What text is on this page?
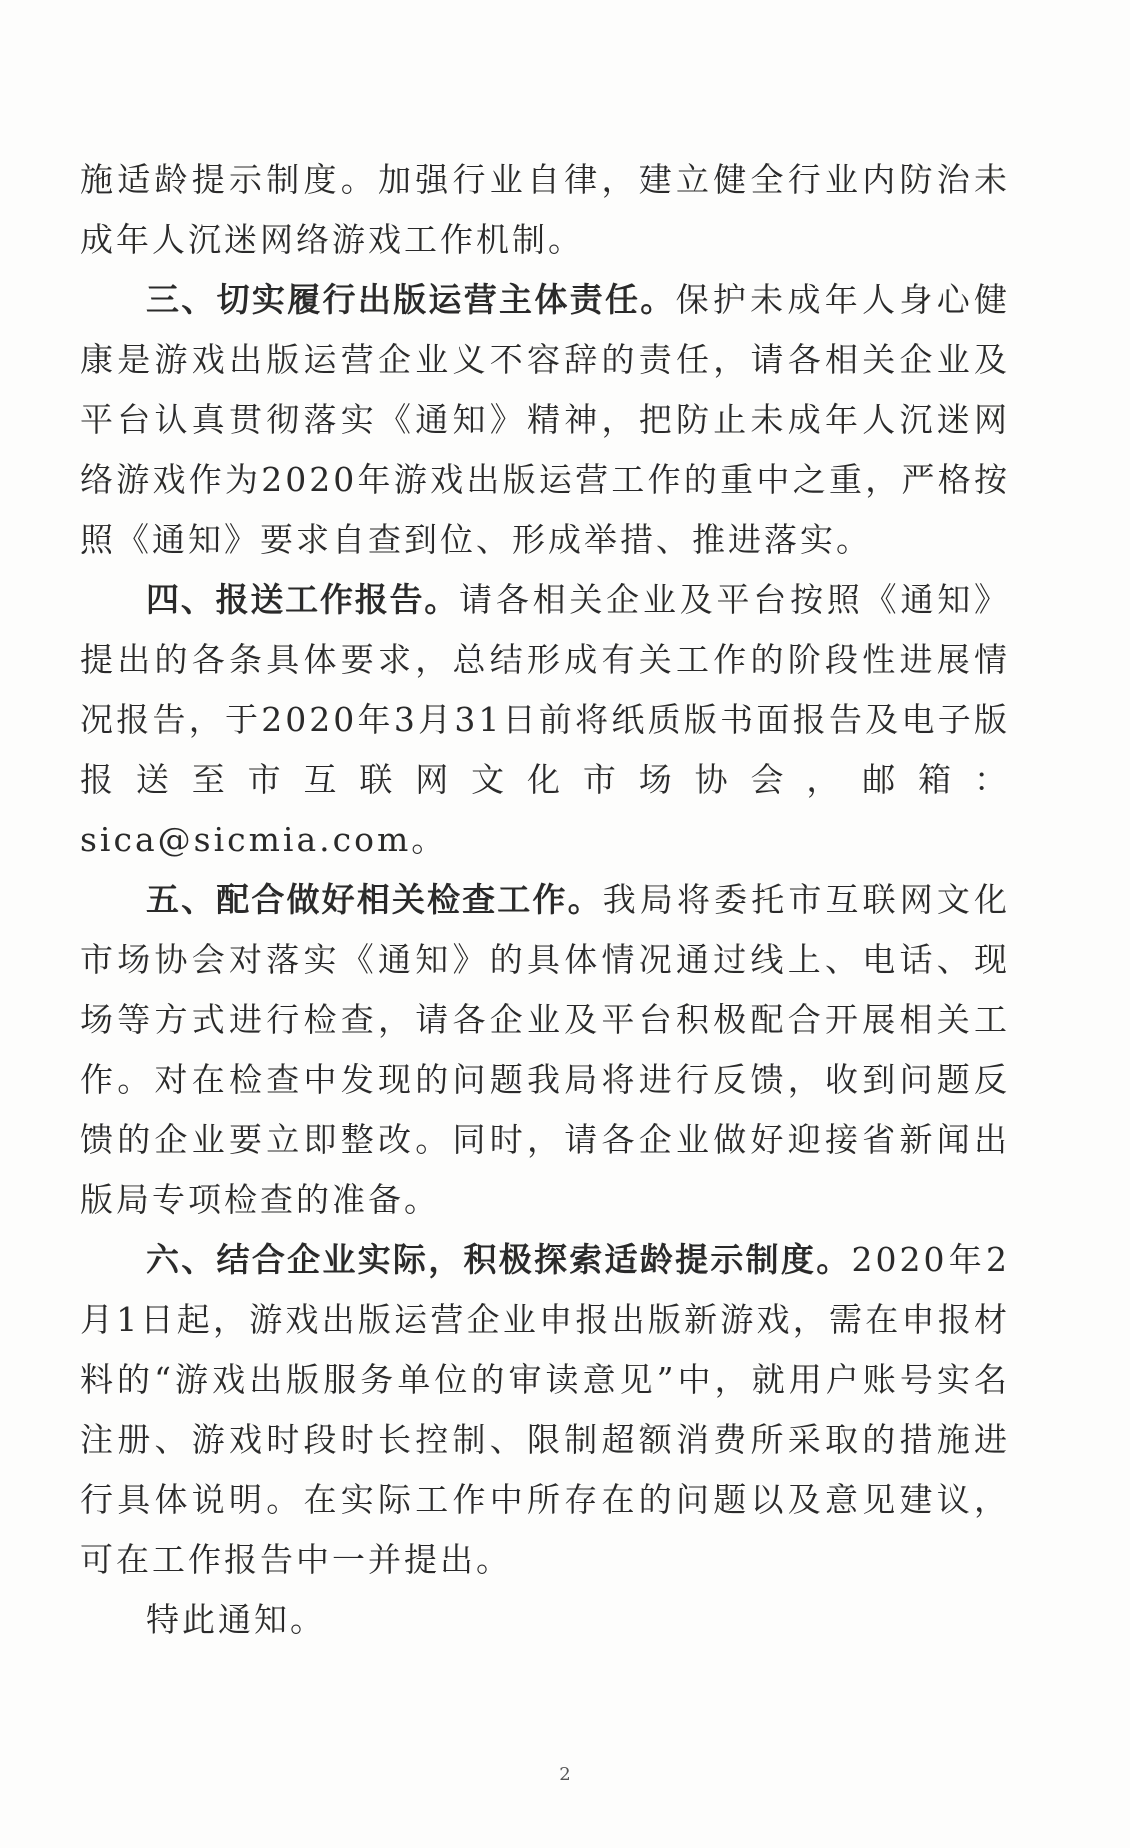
施适龄提示制度。加强行业自律，建立健全行业内防治未成年人沉迷网络游戏工作机制。

三、切实履行出版运营主体责任。保护未成年人身心健康是游戏出版运营企业义不容辞的责任，请各相关企业及平台认真贯彻落实《通知》精神，把防止未成年人沉迷网络游戏作为2020年游戏出版运营工作的重中之重，严格按照《通知》要求自查到位、形成举措、推进落实。

四、报送工作报告。请各相关企业及平台按照《通知》提出的各条具体要求，总结形成有关工作的阶段性进展情况报告，于2020年3月31日前将纸质版书面报告及电子版报送至市互联网文化市场协会，邮箱：sica@sicmia.com。

五、配合做好相关检查工作。我局将委托市互联网文化市场协会对落实《通知》的具体情况通过线上、电话、现场等方式进行检查，请各企业及平台积极配合开展相关工作。对在检查中发现的问题我局将进行反馈，收到问题反馈的企业要立即整改。同时，请各企业做好迎接省新闻出版局专项检查的准备。

六、结合企业实际，积极探索适龄提示制度。2020年2月1日起，游戏出版运营企业申报出版新游戏，需在申报材料的“游戏出版服务单位的审读意见”中，就用户账号实名注册、游戏时段时长控制、限制超额消费所采取的措施进行具体说明。在实际工作中所存在的问题以及意见建议，可在工作报告中一并提出。

特此通知。

2
